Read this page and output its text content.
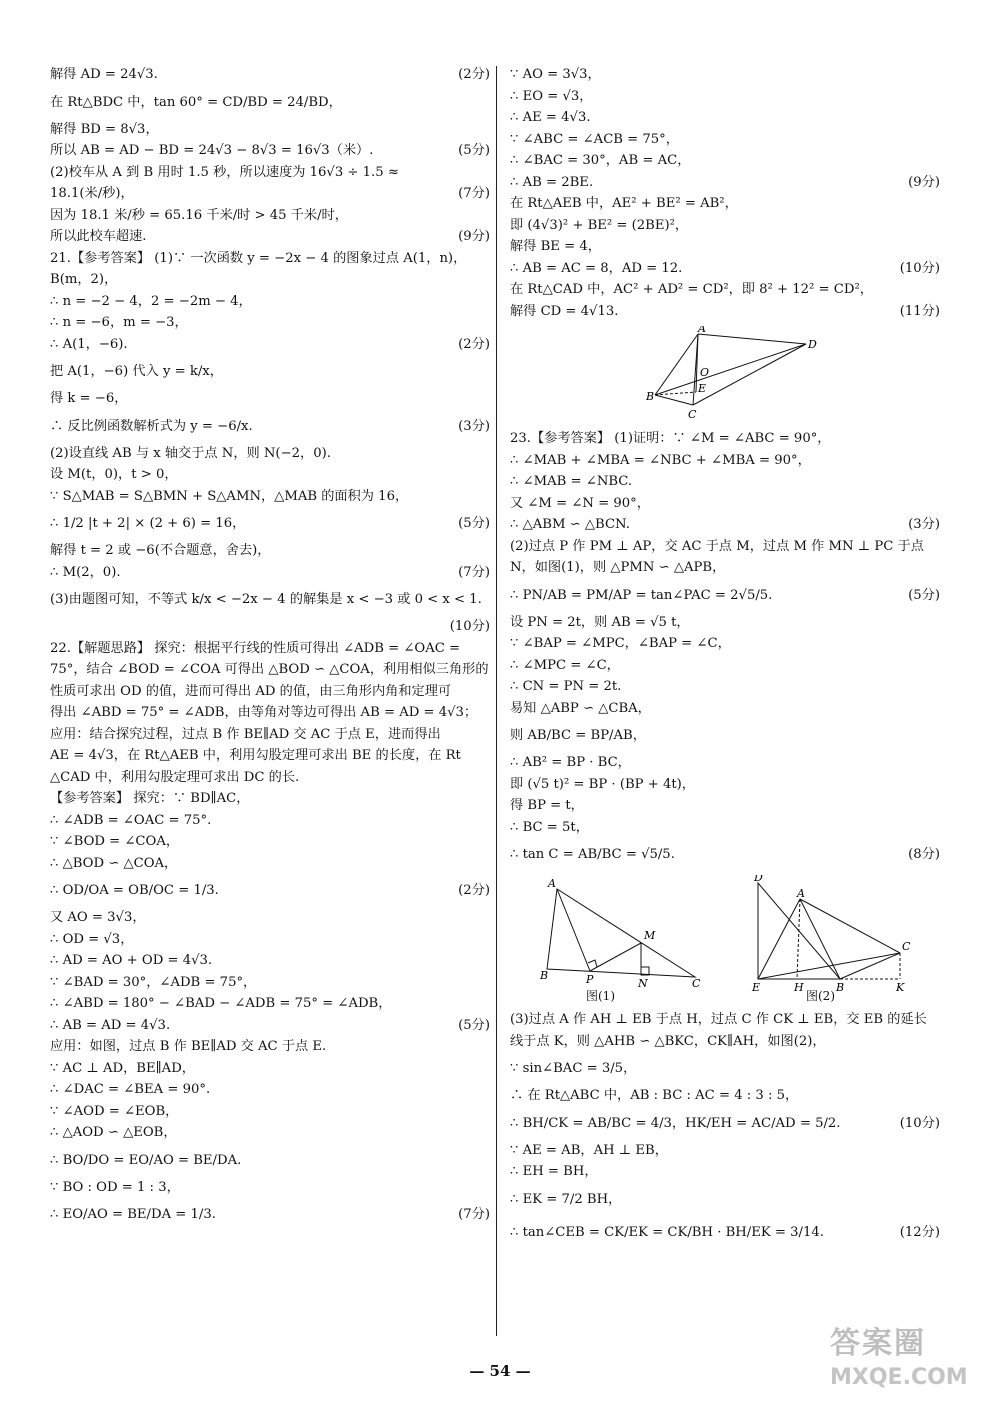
解得 AD = 24√3.	(2分)
在 Rt△BDC 中，tan 60° = CD/BD = 24/BD，
解得 BD = 8√3，
所以 AB = AD − BD = 24√3 − 8√3 = 16√3（米）.	(5分)
(2)校车从 A 到 B 用时 1.5 秒，所以速度为 16√3 ÷ 1.5 ≈
18.1(米/秒)，	(7分)
因为 18.1 米/秒 = 65.16 千米/时 > 45 千米/时，
所以此校车超速.	(9分)
21.【参考答案】 (1)∵ 一次函数 y = −2x − 4 的图象过点 A(1，n)，
B(m，2)，
∴ n = −2 − 4，2 = −2m − 4，
∴ n = −6，m = −3，
∴ A(1，−6).	(2分)
把 A(1，−6) 代入 y = k/x，
得 k = −6，
∴ 反比例函数解析式为 y = −6/x.	(3分)
(2)设直线 AB 与 x 轴交于点 N，则 N(−2，0).
设 M(t，0)，t > 0，
∵ S△MAB = S△BMN + S△AMN，△MAB 的面积为 16，
∴ 1/2 |t + 2| × (2 + 6) = 16，	(5分)
解得 t = 2 或 −6(不合题意，舍去)，
∴ M(2，0).	(7分)
(3)由题图可知，不等式 k/x < −2x − 4 的解集是 x < −3 或 0 < x < 1.
(10分)
22.【解题思路】 探究：根据平行线的性质可得出 ∠ADB = ∠OAC =
75°，结合 ∠BOD = ∠COA 可得出 △BOD ∽ △COA，利用相似三角形的
性质可求出 OD 的值，进而可得出 AD 的值，由三角形内角和定理可
得出 ∠ABD = 75° = ∠ADB，由等角对等边可得出 AB = AD = 4√3；
应用：结合探究过程，过点 B 作 BE∥AD 交 AC 于点 E，进而得出
AE = 4√3，在 Rt△AEB 中，利用勾股定理可求出 BE 的长度，在 Rt
△CAD 中，利用勾股定理可求出 DC 的长.
【参考答案】 探究：∵ BD∥AC，
∴ ∠ADB = ∠OAC = 75°.
∵ ∠BOD = ∠COA，
∴ △BOD ∽ △COA，
∴ OD/OA = OB/OC = 1/3.	(2分)
又 AO = 3√3，
∴ OD = √3，
∴ AD = AO + OD = 4√3.
∵ ∠BAD = 30°，∠ADB = 75°，
∴ ∠ABD = 180° − ∠BAD − ∠ADB = 75° = ∠ADB，
∴ AB = AD = 4√3.	(5分)
应用：如图，过点 B 作 BE∥AD 交 AC 于点 E.
∵ AC ⊥ AD，BE∥AD，
∴ ∠DAC = ∠BEA = 90°.
∵ ∠AOD = ∠EOB，
∴ △AOD ∽ △EOB，
∴ BO/DO = EO/AO = BE/DA.
∵ BO : OD = 1 : 3，
∴ EO/AO = BE/DA = 1/3.	(7分)
∵ AO = 3√3，
∴ EO = √3，
∴ AE = 4√3.
∵ ∠ABC = ∠ACB = 75°，
∴ ∠BAC = 30°，AB = AC，
∴ AB = 2BE.	(9分)
在 Rt△AEB 中，AE² + BE² = AB²，
即 (4√3)² + BE² = (2BE)²，
解得 BE = 4，
∴ AB = AC = 8，AD = 12.	(10分)
在 Rt△CAD 中，AC² + AD² = CD²，即 8² + 12² = CD²，
解得 CD = 4√13.	(11分)
A
D
O
B
E
C
23.【参考答案】 (1)证明：∵ ∠M = ∠ABC = 90°，
∴ ∠MAB + ∠MBA = ∠NBC + ∠MBA = 90°，
∴ ∠MAB = ∠NBC.
又 ∠M = ∠N = 90°，
∴ △ABM ∽ △BCN.	(3分)
(2)过点 P 作 PM ⊥ AP，交 AC 于点 M，过点 M 作 MN ⊥ PC 于点
N，如图(1)，则 △PMN ∽ △APB，
∴ PN/AB = PM/AP = tan∠PAC = 2√5/5.	(5分)
设 PN = 2t，则 AB = √5 t，
∵ ∠BAP = ∠MPC，∠BAP = ∠C，
∴ ∠MPC = ∠C，
∴ CN = PN = 2t.
易知 △ABP ∽ △CBA，
则 AB/BC = BP/AB，
∴ AB² = BP · BC，
即 (√5 t)² = BP · (BP + 4t)，
得 BP = t，
∴ BC = 5t，
∴ tan C = AB/BC = √5/5.	(8分)
A
B	P
M
N	C
D
A
C
E	H	B	K
图(1)	图(2)
(3)过点 A 作 AH ⊥ EB 于点 H，过点 C 作 CK ⊥ EB，交 EB 的延长
线于点 K，则 △AHB ∽ △BKC，CK∥AH，如图(2)，
∵ sin∠BAC = 3/5，
∴ 在 Rt△ABC 中，AB : BC : AC = 4 : 3 : 5，
∴ BH/CK = AB/BC = 4/3，HK/EH = AC/AD = 5/2.	(10分)
∵ AE = AB，AH ⊥ EB，
∴ EH = BH，
∴ EK = 7/2 BH，
∴ tan∠CEB = CK/EK = CK/BH · BH/EK = 3/14.	(12分)
— 54 —
答案圈
MXQE.COM
